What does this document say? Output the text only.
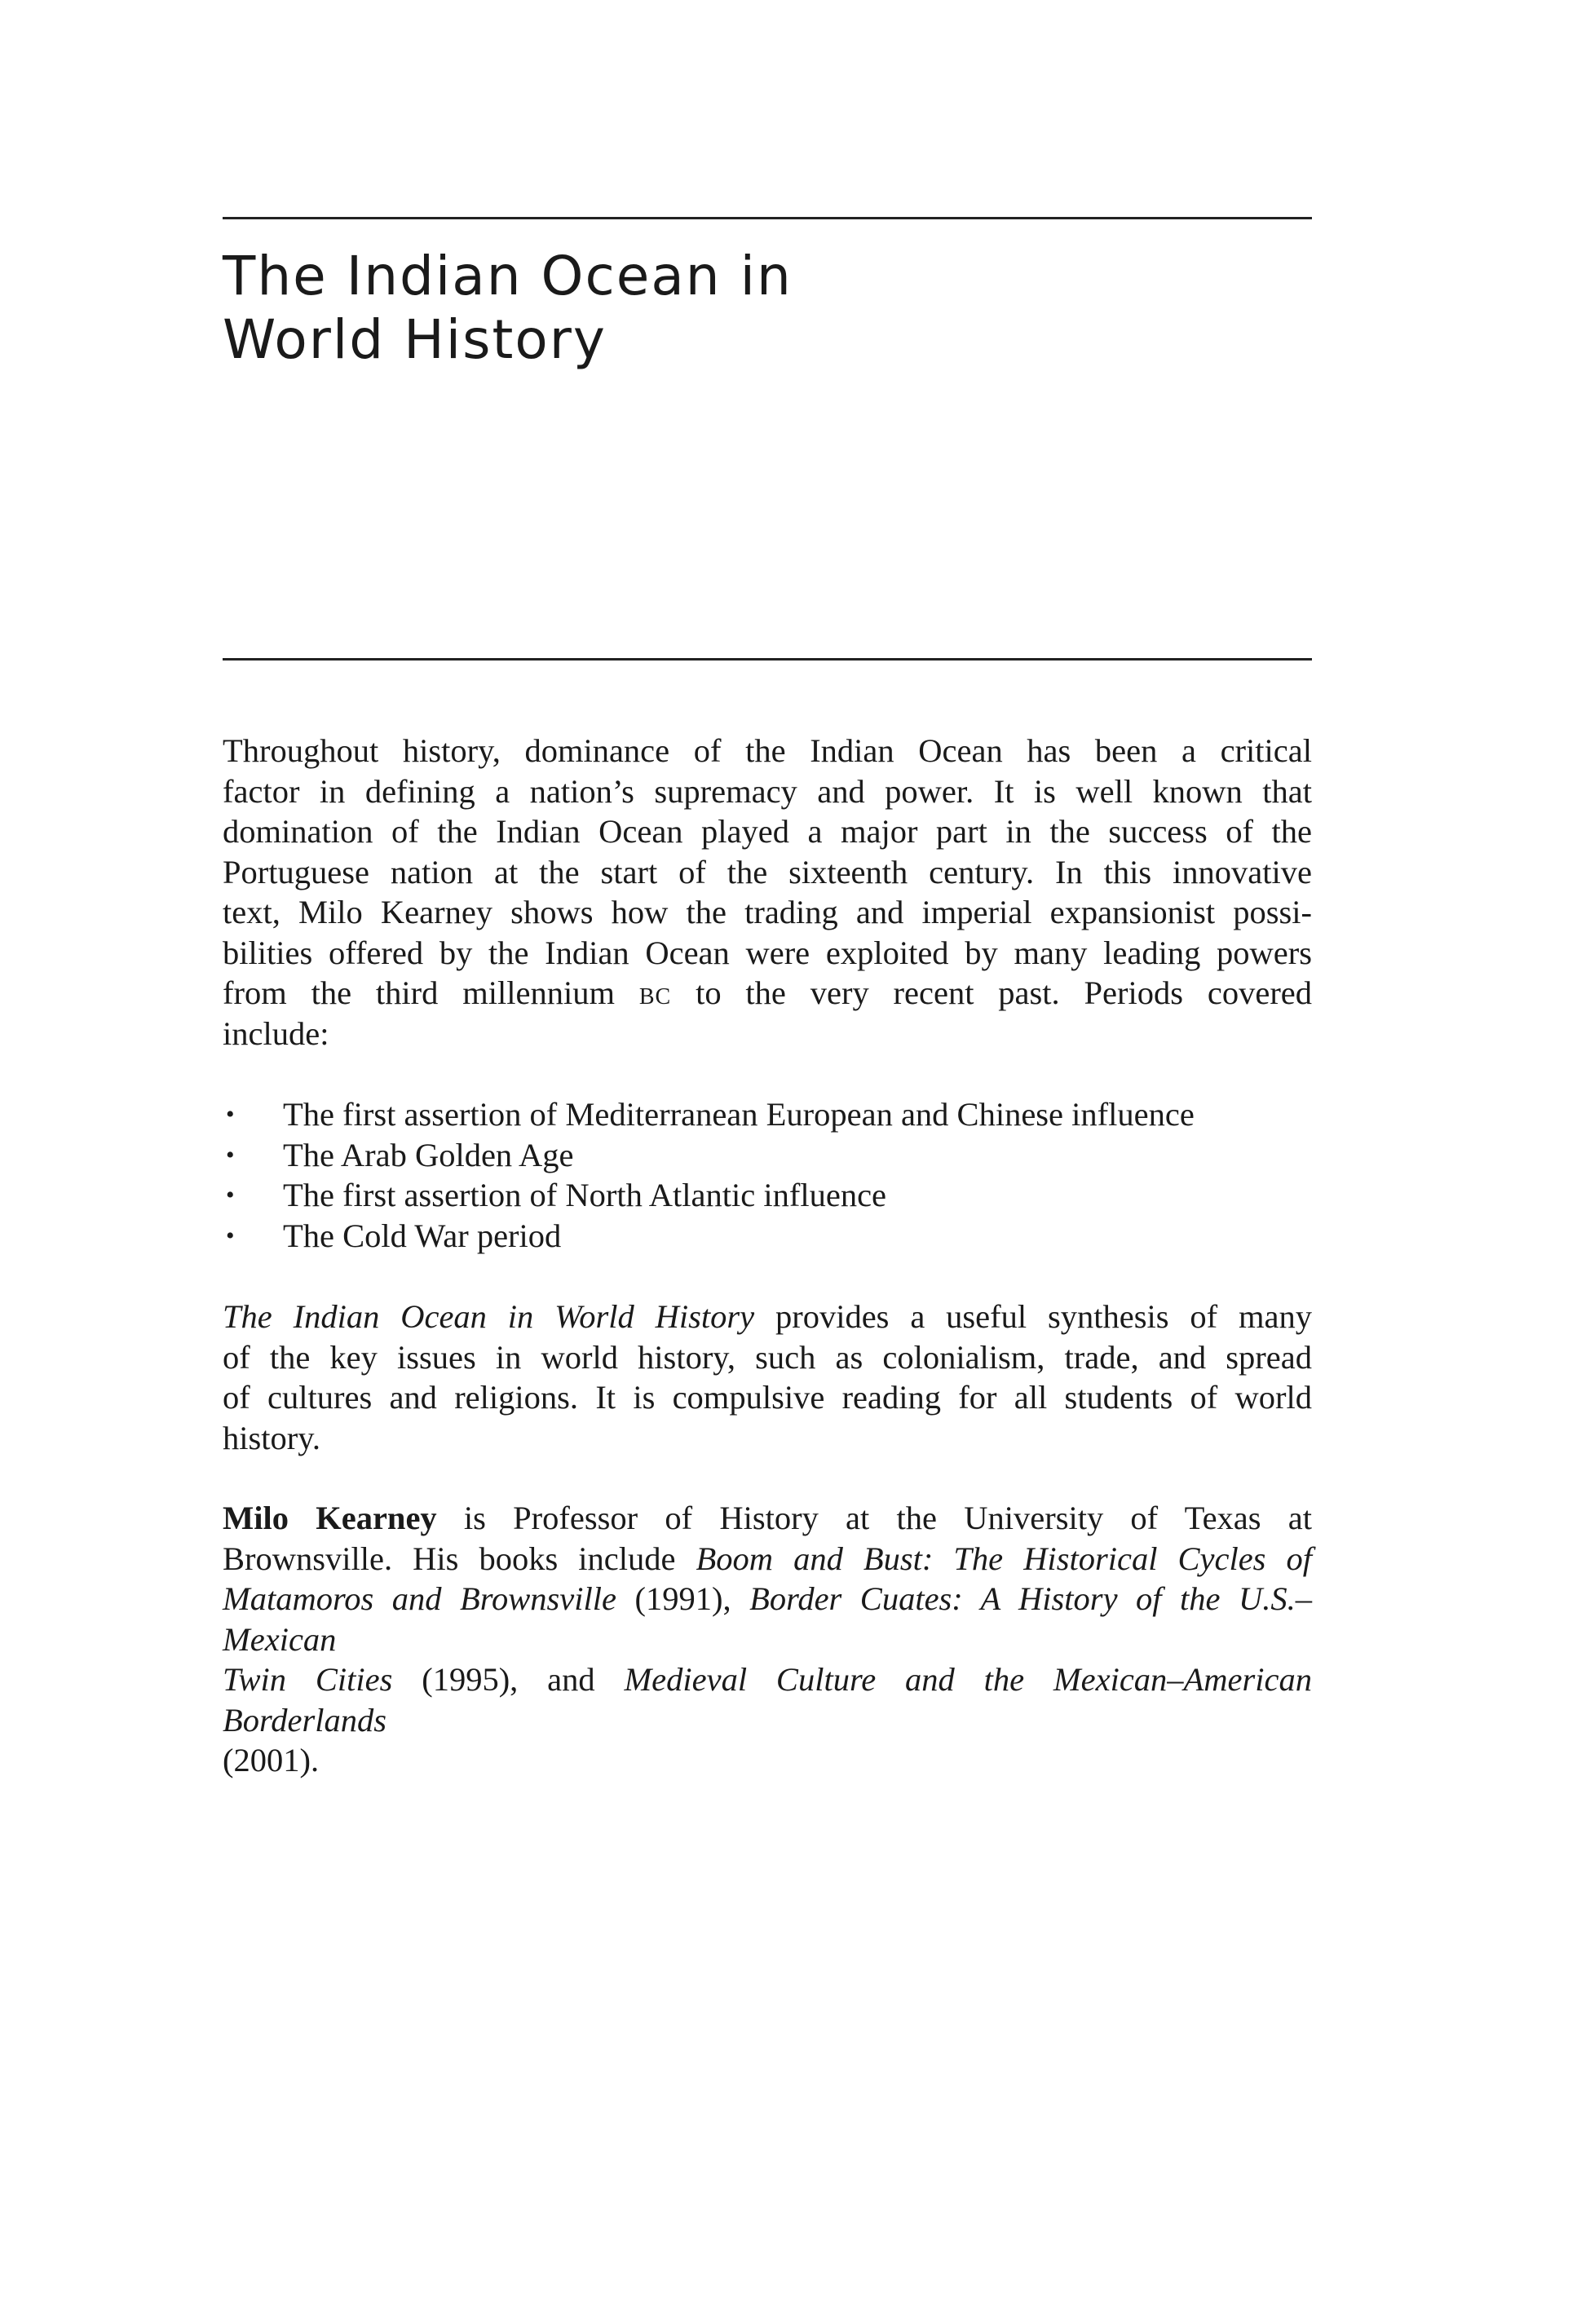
The Indian Ocean in
World History
Throughout history, dominance of the Indian Ocean has been a critical
factor in defining a nation’s supremacy and power. It is well known that
domination of the Indian Ocean played a major part in the success of the
Portuguese nation at the start of the sixteenth century. In this innovative
text, Milo Kearney shows how the trading and imperial expansionist possi-
bilities offered by the Indian Ocean were exploited by many leading powers
from the third millennium bc to the very recent past. Periods covered
include:
• The first assertion of Mediterranean European and Chinese influence
• The Arab Golden Age
• The first assertion of North Atlantic influence
• The Cold War period
The Indian Ocean in World History provides a useful synthesis of many
of the key issues in world history, such as colonialism, trade, and spread
of cultures and religions. It is compulsive reading for all students of world
history.
Milo Kearney is Professor of History at the University of Texas at
Brownsville. His books include Boom and Bust: The Historical Cycles of
Matamoros and Brownsville (1991), Border Cuates: A History of the U.S.–Mexican
Twin Cities (1995), and Medieval Culture and the Mexican–American Borderlands
(2001).
